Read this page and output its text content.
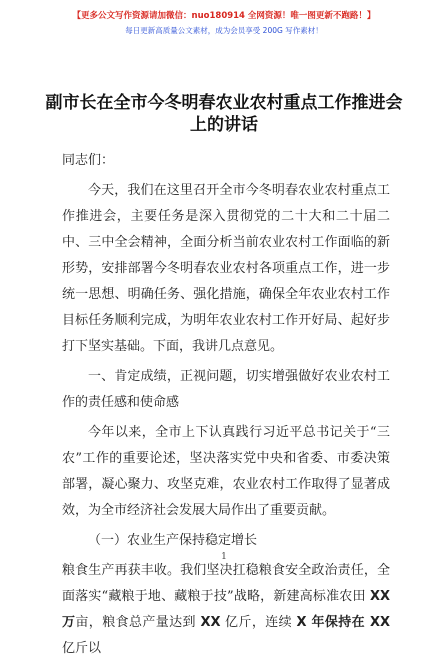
【更多公文写作资源请加微信：nuo180914 全网资源！唯一图更新不跑路！】
每日更新高质量公文素材，成为会员享受 200G 写作素材！
副市长在全市今冬明春农业农村重点工作推进会上的讲话

同志们：

今天，我们在这里召开全市今冬明春农业农村重点工作推进会，主要任务是深入贯彻党的二十大和二十届二中、三中全会精神，全面分析当前农业农村工作面临的新形势，安排部署今冬明春农业农村各项重点工作，进一步统一思想、明确任务、强化措施，确保全年农业农村工作目标任务顺利完成，为明年农业农村工作开好局、起好步打下坚实基础。下面，我讲几点意见。

一、肯定成绩，正视问题，切实增强做好农业农村工作的责任感和使命感

今年以来，全市上下认真践行习近平总书记关于“三农”工作的重要论述，坚决落实党中央和省委、市委决策部署，凝心聚力、攻坚克难，农业农村工作取得了显著成效，为全市经济社会发展大局作出了重要贡献。

（一）农业生产保持稳定增长

粮食生产再获丰收。我们坚决扛稳粮食安全政治责任，全面落实“藏粮于地、藏粮于技”战略，新建高标准农田 XX 万亩，粮食总产量达到 XX 亿斤，连续 X 年保持在 XX 亿斤以

1
